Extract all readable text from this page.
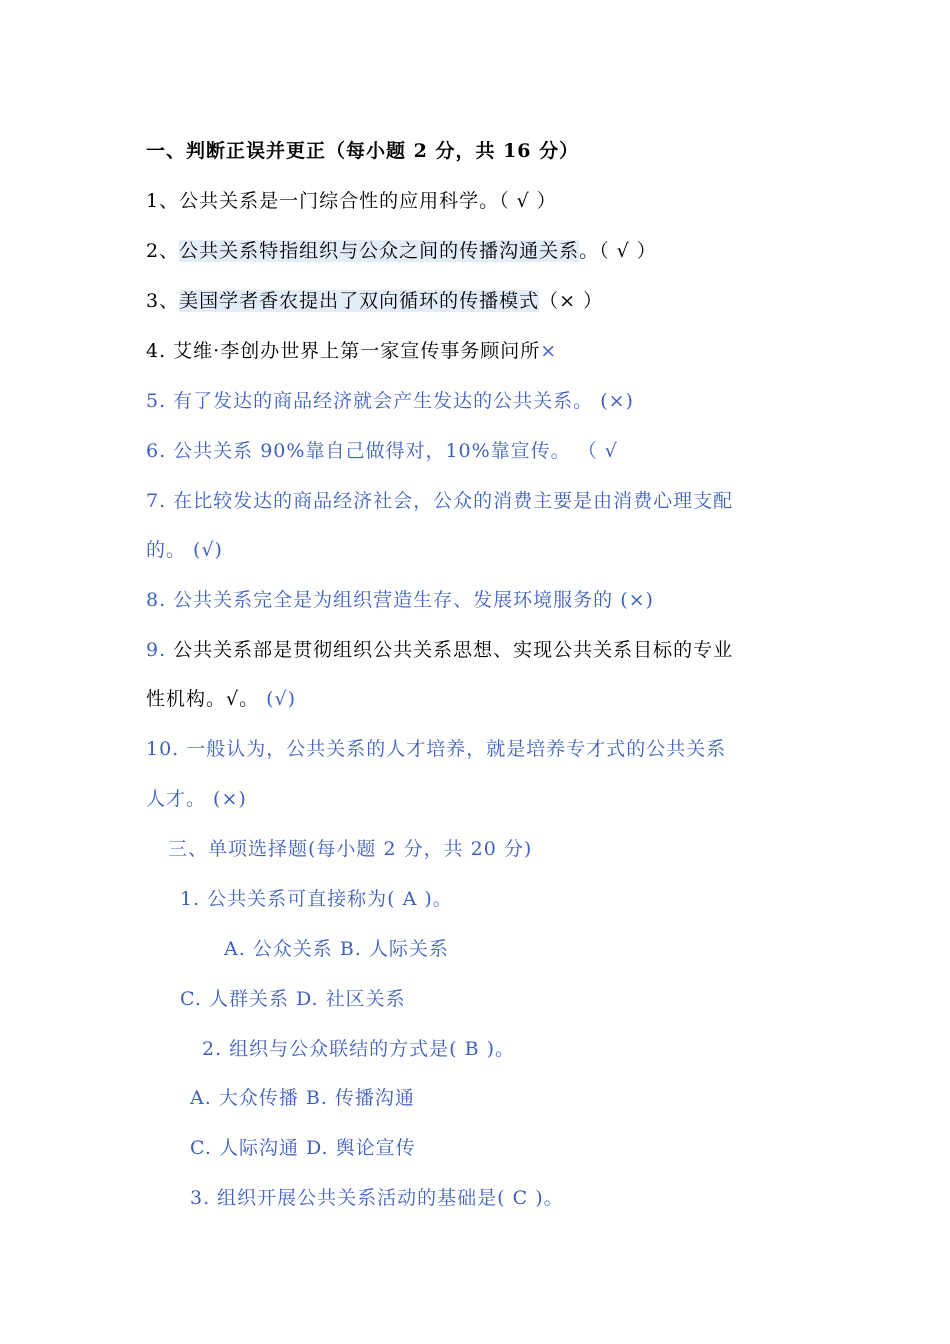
一、判断正误并更正（每小题 2 分，共 16 分）
1、公共关系是一门综合性的应用科学。（ √ ）
2、公共关系特指组织与公众之间的传播沟通关系。（ √ ）
3、美国学者香农提出了双向循环的传播模式（× ）
4. 艾维·李创办世界上第一家宣传事务顾问所×
5. 有了发达的商品经济就会产生发达的公共关系。 (×)
6. 公共关系 90%靠自己做得对，10%靠宣传。 （ √
7. 在比较发达的商品经济社会，公众的消费主要是由消费心理支配
的。 (√)
8. 公共关系完全是为组织营造生存、发展环境服务的 (×)
9. 公共关系部是贯彻组织公共关系思想、实现公共关系目标的专业
性机构。√。 (√)
10. 一般认为，公共关系的人才培养，就是培养专才式的公共关系
人才。 (×)
三、单项选择题(每小题 2 分，共 20 分)
1. 公共关系可直接称为( A )。
A. 公众关系 B. 人际关系
C. 人群关系 D. 社区关系
2. 组织与公众联结的方式是( B )。
A. 大众传播 B. 传播沟通
C. 人际沟通 D. 舆论宣传
3. 组织开展公共关系活动的基础是( C )。
